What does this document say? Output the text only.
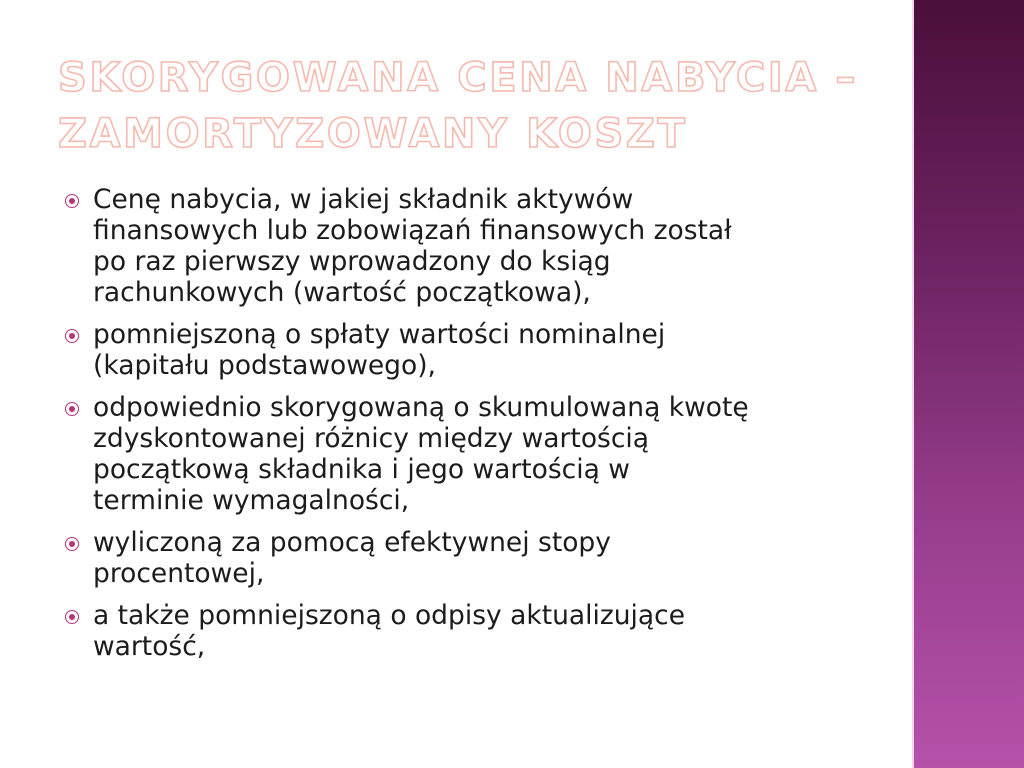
SKORYGOWANA CENA NABYCIA –
ZAMORTYZOWANY KOSZT
Cenę nabycia, w jakiej składnik aktywów
finansowych lub zobowiązań finansowych został
po raz pierwszy wprowadzony do ksiąg
rachunkowych (wartość początkowa),
pomniejszoną o spłaty wartości nominalnej
(kapitału podstawowego),
odpowiednio skorygowaną o skumulowaną kwotę
zdyskontowanej różnicy między wartością
początkową składnika i jego wartością w
terminie wymagalności,
wyliczoną za pomocą efektywnej stopy
procentowej,
a także pomniejszoną o odpisy aktualizujące
wartość,
